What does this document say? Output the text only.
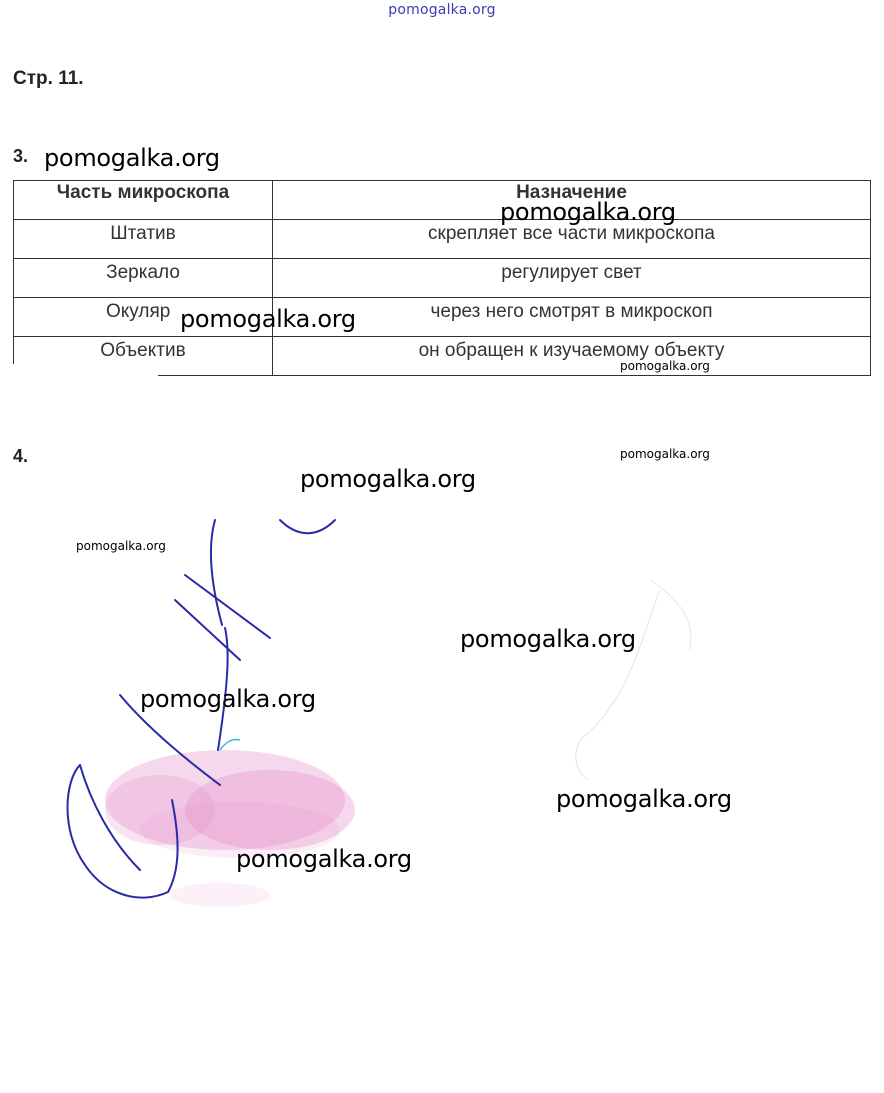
pomogalka.org
Стр. 11.
3. pomogalka.org
Часть микроскопа	Назначение
Штатив	скрепляет все части микроскопа
Зеркало	регулирует свет
Окуляр	через него смотрят в микроскоп
Объектив	он обращен к изучаемому объекту
pomogalka.org
pomogalka.org
pomogalka.org
4.	pomogalka.org
pomogalka.org
pomogalka.org
pomogalka.org
pomogalka.org
pomogalka.org
pomogalka.org
